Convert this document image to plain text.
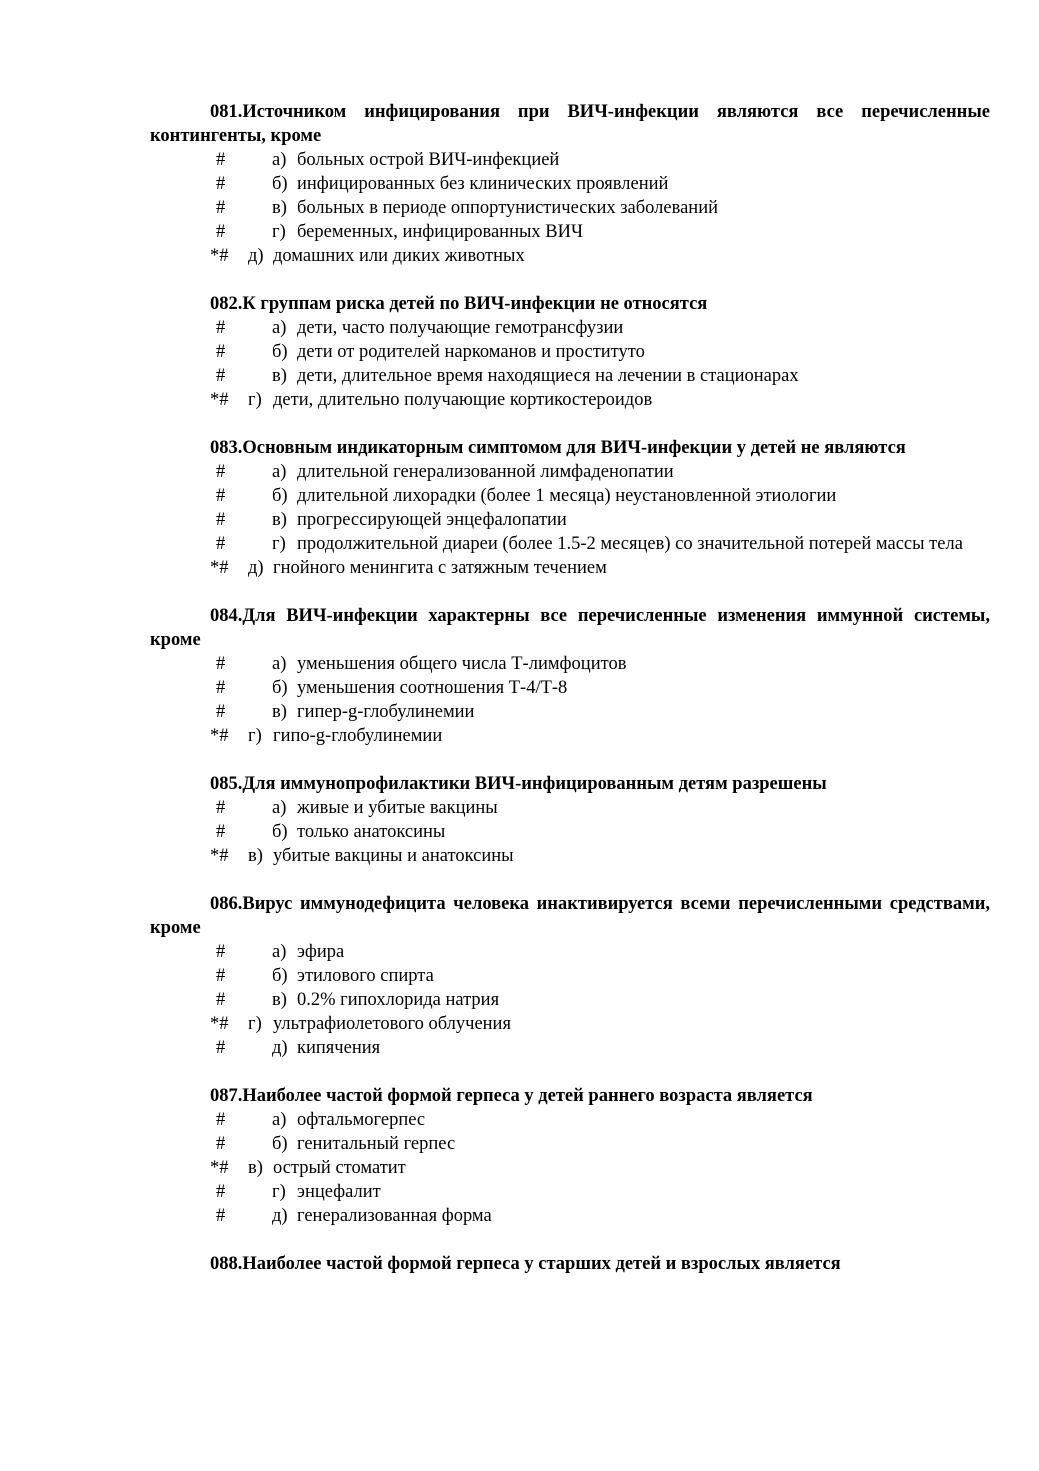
081.Источником инфицирования при ВИЧ-инфекции являются все перечисленные контингенты, кроме

#	а) больных острой ВИЧ-инфекцией
#	б) инфицированных без клинических проявлений
#	в) больных в периоде оппортунистических заболеваний
#	г) беременных, инфицированных ВИЧ
*# д) домашних или диких животных

082.К группам риска детей по ВИЧ-инфекции не относятся

#	а) дети, часто получающие гемотрансфузии
#	б) дети от родителей наркоманов и проституто
#	в) дети, длительное время находящиеся на лечении в стационарах
*# г) дети, длительно получающие кортикостероидов

083.Основным индикаторным симптомом для ВИЧ-инфекции у детей не являются

#	а) длительной генерализованной лимфаденопатии
#	б) длительной лихорадки (более 1 месяца) неустановленной этиологии
#	в) прогрессирующей энцефалопатии
#	г) продолжительной диареи (более 1.5-2 месяцев) со значительной потерей массы тела
*# д) гнойного менингита с затяжным течением

084.Для ВИЧ-инфекции характерны все перечисленные изменения иммунной системы, кроме

#	а) уменьшения общего числа Т-лимфоцитов
#	б) уменьшения соотношения Т-4/Т-8
#	в) гипер-g-глобулинемии
*# г) гипо-g-глобулинемии

085.Для иммунопрофилактики ВИЧ-инфицированным детям разрешены

#	а) живые и убитые вакцины
#	б) только анатоксины
*# в) убитые вакцины и анатоксины

086.Вирус иммунодефицита человека инактивируется всеми перечисленными средствами, кроме

#	а) эфира
#	б) этилового спирта
#	в) 0.2% гипохлорида натрия
*# г) ультрафиолетового облучения
#	д) кипячения

087.Наиболее частой формой герпеса у детей раннего возраста является

#	а) офтальмогерпес
#	б) генитальный герпес
*# в) острый стоматит
#	г) энцефалит
#	д) генерализованная форма

088.Наиболее частой формой герпеса у старших детей и взрослых является
